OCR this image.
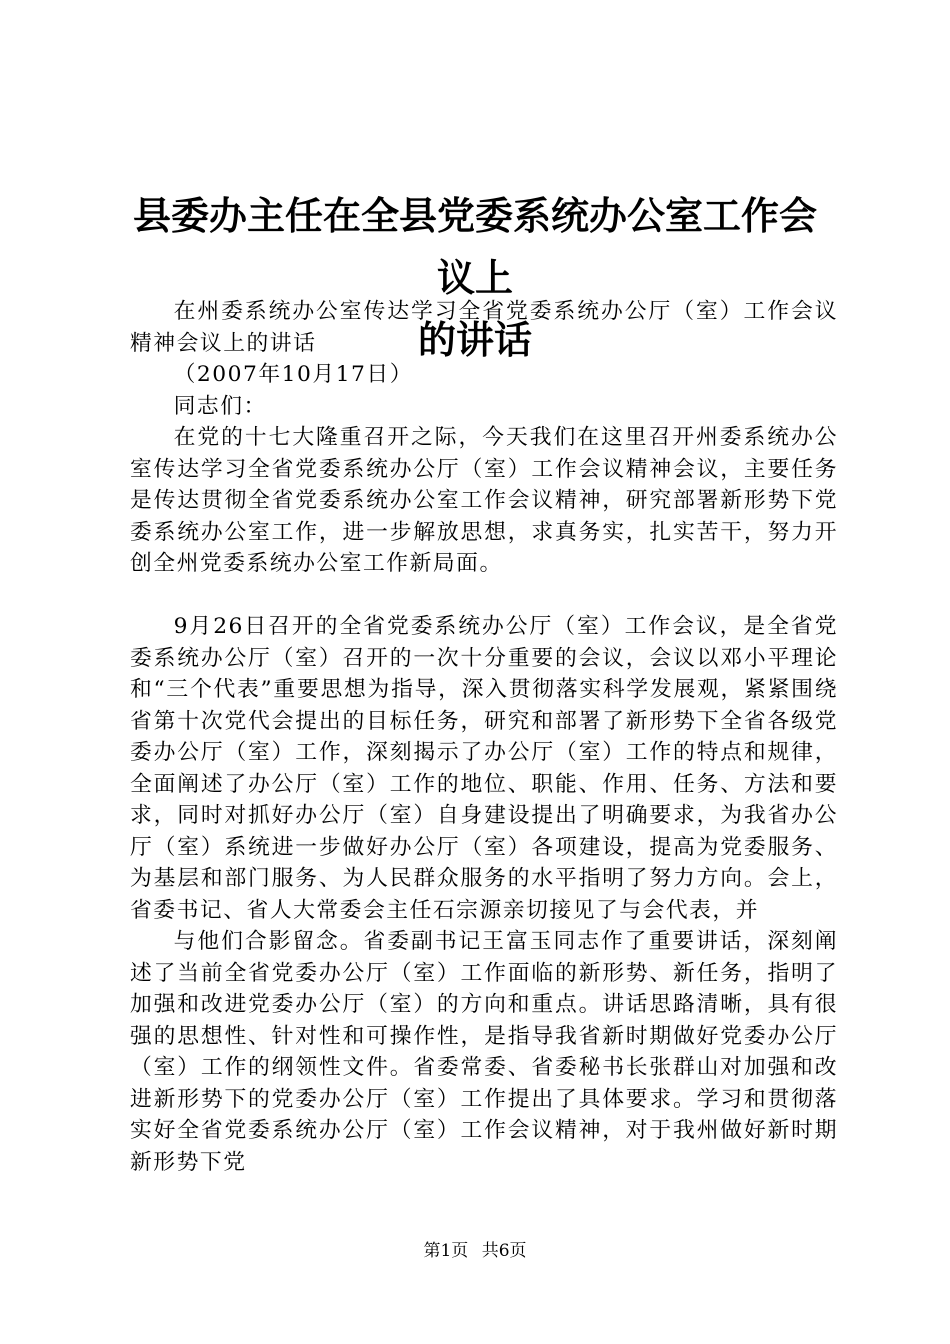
县委办主任在全县党委系统办公室工作会议上
的讲话

在州委系统办公室传达学习全省党委系统办公厅（室）工作会议精神会议上的讲话

（2007年10月17日）

同志们：

在党的十七大隆重召开之际，今天我们在这里召开州委系统办公室传达学习全省党委系统办公厅（室）工作会议精神会议，主要任务是传达贯彻全省党委系统办公室工作会议精神，研究部署新形势下党委系统办公室工作，进一步解放思想，求真务实，扎实苦干，努力开创全州党委系统办公室工作新局面。

9月26日召开的全省党委系统办公厅（室）工作会议，是全省党委系统办公厅（室）召开的一次十分重要的会议，会议以邓小平理论和“三个代表”重要思想为指导，深入贯彻落实科学发展观，紧紧围绕省第十次党代会提出的目标任务，研究和部署了新形势下全省各级党委办公厅（室）工作，深刻揭示了办公厅（室）工作的特点和规律，全面阐述了办公厅（室）工作的地位、职能、作用、任务、方法和要求，同时对抓好办公厅（室）自身建设提出了明确要求，为我省办公厅（室）系统进一步做好办公厅（室）各项建设，提高为党委服务、为基层和部门服务、为人民群众服务的水平指明了努力方向。会上，省委书记、省人大常委会主任石宗源亲切接见了与会代表，并

与他们合影留念。省委副书记王富玉同志作了重要讲话，深刻阐述了当前全省党委办公厅（室）工作面临的新形势、新任务，指明了加强和改进党委办公厅（室）的方向和重点。讲话思路清晰，具有很强的思想性、针对性和可操作性，是指导我省新时期做好党委办公厅（室）工作的纲领性文件。省委常委、省委秘书长张群山对加强和改进新形势下的党委办公厅（室）工作提出了具体要求。学习和贯彻落实好全省党委系统办公厅（室）工作会议精神，对于我州做好新时期新形势下党

第1页 共6页
